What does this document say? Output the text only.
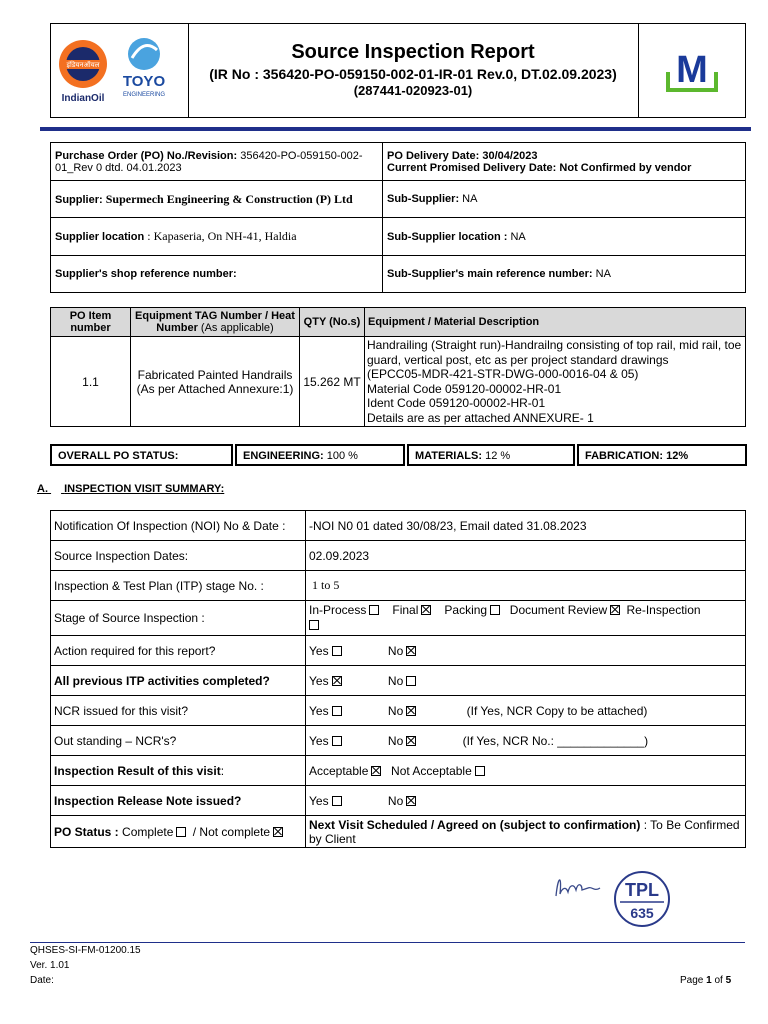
इंडियनऑयल
IndianOil
TOYO
ENGINEERING
Source Inspection Report
(IR No : 356420-PO-059150-002-01-IR-01 Rev.0, DT.02.09.2023)
(287441-020923-01)	M
Purchase Order (PO) No./Revision: 356420-PO-059150-002-01_Rev 0 dtd. 04.01.2023	PO Delivery Date: 30/04/2023
Current Promised Delivery Date: Not Confirmed by vendor
Supplier: Supermech Engineering & Construction (P) Ltd	Sub-Supplier: NA
Supplier location : Kapaseria, On NH-41, Haldia	Sub-Supplier location : NA
Supplier's shop reference number:	Sub-Supplier's main reference number: NA
PO Item number	Equipment TAG Number / Heat Number (As applicable)	QTY (No.s)	Equipment / Material Description
1.1	Fabricated Painted Handrails (As per Attached Annexure:1)	15.262 MT	Handrailing (Straight run)-Handrailng consisting of top rail, mid rail, toe guard, vertical post, etc as per project standard drawings
(EPCC05-MDR-421-STR-DWG-000-0016-04 & 05)
Material Code 059120-00002-HR-01
Ident Code 059120-00002-HR-01
Details are as per attached ANNEXURE- 1
OVERALL PO STATUS:	ENGINEERING: 100 %	MATERIALS: 12 %	FABRICATION: 12%
A. INSPECTION VISIT SUMMARY:
Notification Of Inspection (NOI) No & Date :	-NOI N0 01 dated 30/08/23, Email dated 31.08.2023
Source Inspection Dates:	02.09.2023
Inspection & Test Plan (ITP) stage No. :	1 to 5
Stage of Source Inspection :	In-Process Final Packing Document Review Re-Inspection

Action required for this report?	Yes No
All previous ITP activities completed?	Yes No
NCR issued for this visit?	Yes No (If Yes, NCR Copy to be attached)
Out standing – NCR's?	Yes No (If Yes, NCR No.: _____________)
Inspection Result of this visit:	Acceptable Not Acceptable
Inspection Release Note issued?	Yes No
PO Status : Complete / Not complete	Next Visit Scheduled / Agreed on (subject to confirmation) : To Be Confirmed by Client
TPL
635
QHSES-SI-FM-01200.15
Ver. 1.01
Date:	Page 1 of 5
